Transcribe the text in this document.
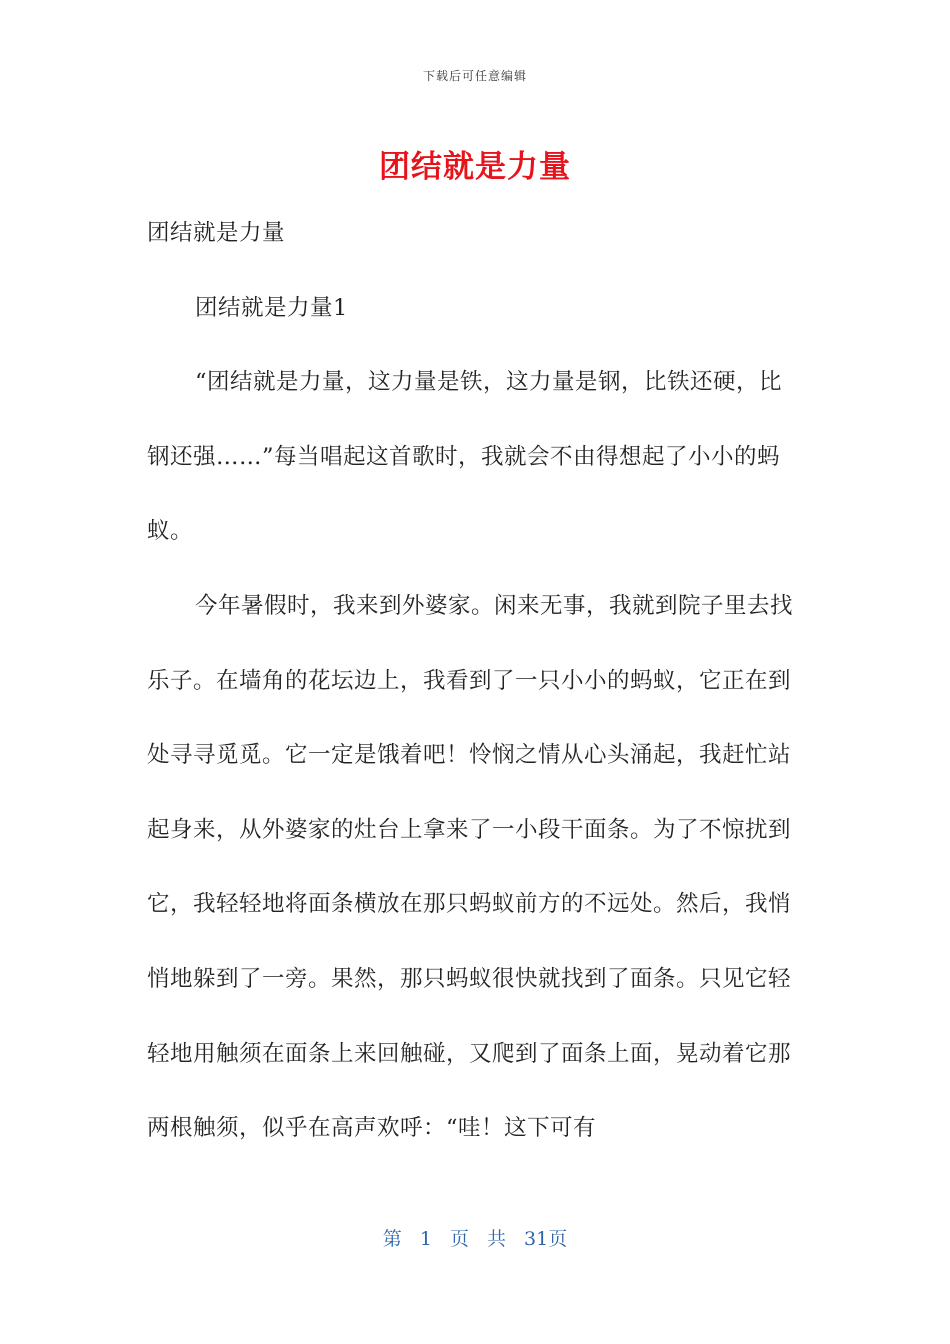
下载后可任意编辑
团结就是力量

团结就是力量

团结就是力量1

“团结就是力量，这力量是铁，这力量是钢，比铁还硬，比钢还强……”每当唱起这首歌时，我就会不由得想起了小小的蚂蚁。

今年暑假时，我来到外婆家。闲来无事，我就到院子里去找乐子。在墙角的花坛边上，我看到了一只小小的蚂蚁，它正在到处寻寻觅觅。它一定是饿着吧！怜悯之情从心头涌起，我赶忙站起身来，从外婆家的灶台上拿来了一小段干面条。为了不惊扰到它，我轻轻地将面条横放在那只蚂蚁前方的不远处。然后，我悄悄地躲到了一旁。果然，那只蚂蚁很快就找到了面条。只见它轻轻地用触须在面条上来回触碰，又爬到了面条上面，晃动着它那两根触须，似乎在高声欢呼：“哇！这下可有

第 1 页 共 31页
